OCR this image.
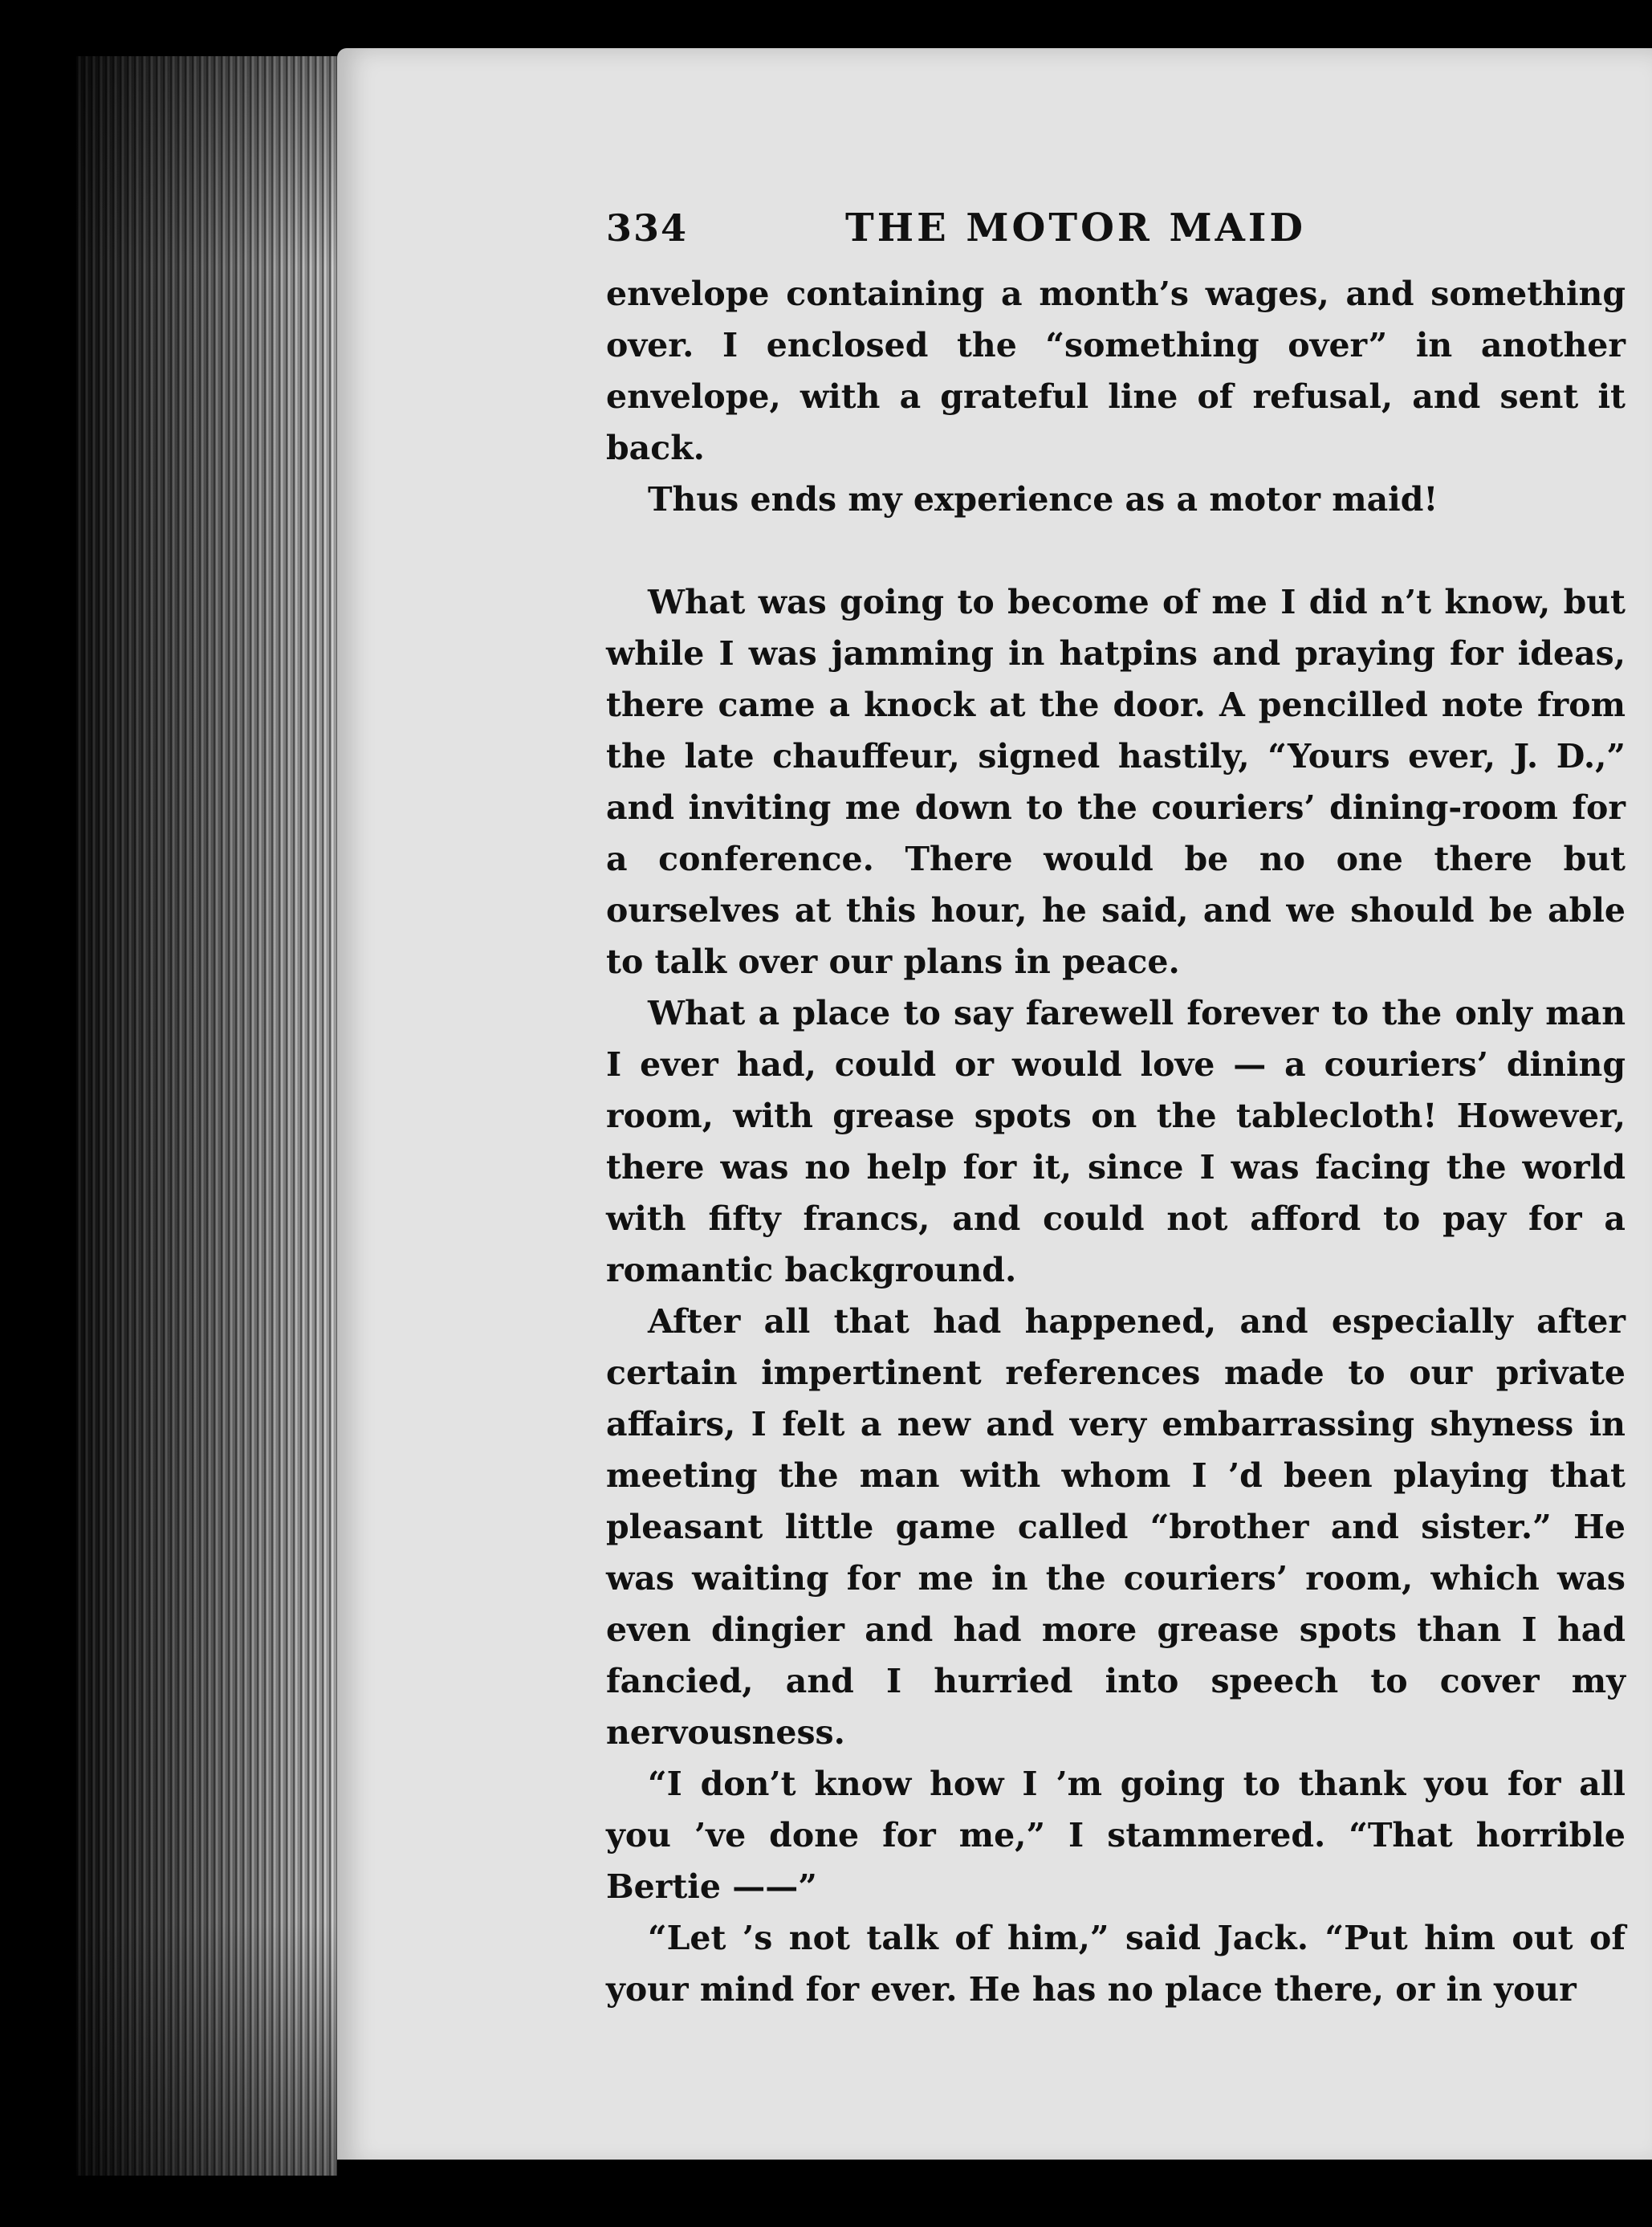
334	THE MOTOR MAID

envelope containing a month’s wages, and something over. I enclosed the “something over” in another envelope, with a grateful line of refusal, and sent it back.

Thus ends my experience as a motor maid!

What was going to become of me I did n’t know, but while I was jamming in hatpins and praying for ideas, there came a knock at the door. A pencilled note from the late chauffeur, signed hastily, “Yours ever, J. D.,” and inviting me down to the couriers’ dining-room for a conference. There would be no one there but ourselves at this hour, he said, and we should be able to talk over our plans in peace.

What a place to say farewell forever to the only man I ever had, could or would love — a couriers’ dining room, with grease spots on the tablecloth! However, there was no help for it, since I was facing the world with fifty francs, and could not afford to pay for a romantic background.

After all that had happened, and especially after certain impertinent references made to our private affairs, I felt a new and very embarrassing shyness in meeting the man with whom I ’d been playing that pleasant little game called “brother and sister.” He was waiting for me in the couriers’ room, which was even dingier and had more grease spots than I had fancied, and I hurried into speech to cover my nervousness.

“I don’t know how I ’m going to thank you for all you ’ve done for me,” I stammered. “That horrible Bertie ——”

“Let ’s not talk of him,” said Jack. “Put him out of your mind for ever. He has no place there, or in your
